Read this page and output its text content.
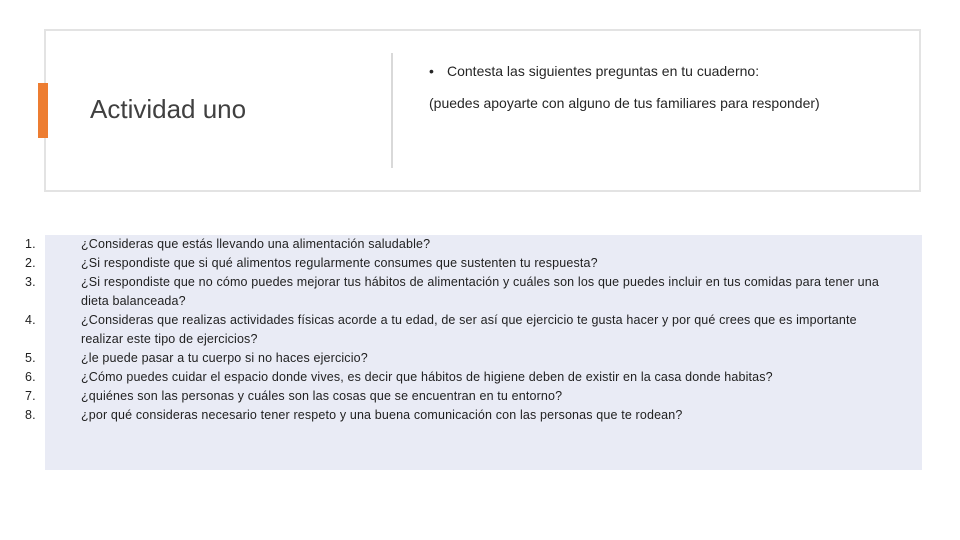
Actividad uno
• Contesta las siguientes preguntas en tu cuaderno:
(puedes apoyarte con alguno de tus familiares para responder)
1.	¿Consideras que estás llevando una alimentación saludable?
2.	¿Si respondiste que si qué alimentos regularmente consumes que sustenten tu respuesta?
3.	¿Si respondiste que no cómo puedes mejorar tus hábitos de alimentación y cuáles son los que puedes incluir en tus comidas para tener una dieta balanceada?
4.	¿Consideras que realizas actividades físicas acorde a tu edad, de ser así que ejercicio te gusta hacer y por qué crees que es importante realizar este tipo de ejercicios?
5.	¿le puede pasar a tu cuerpo si no haces ejercicio?
6.	¿Cómo puedes cuidar el espacio donde vives, es decir que hábitos de higiene deben de existir en la casa donde habitas?
7.	¿quiénes son las personas y cuáles son las cosas que se encuentran en tu entorno?
8.	¿por qué consideras necesario tener respeto y una buena comunicación con las personas que te rodean?
